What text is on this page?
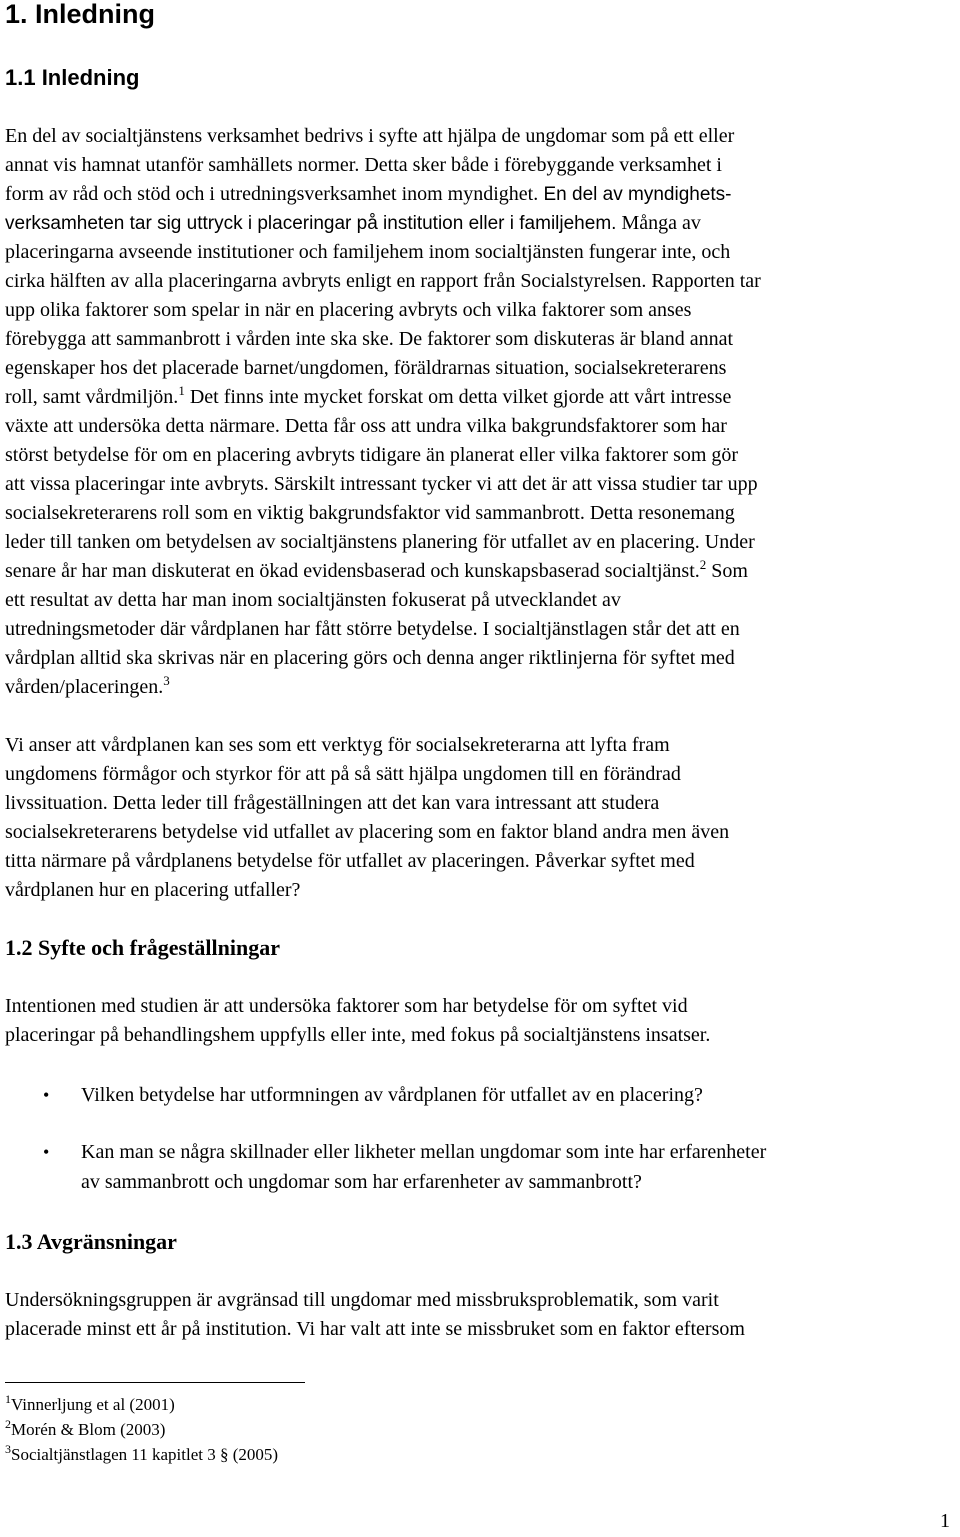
1. Inledning
1.1 Inledning
En del av socialtjänstens verksamhet bedrivs i syfte att hjälpa de ungdomar som på ett eller
annat vis hamnat utanför samhällets normer. Detta sker både i förebyggande verksamhet i
form av råd och stöd och i utredningsverksamhet inom myndighet. En del av myndighets-
verksamheten tar sig uttryck i placeringar på institution eller i familjehem. Många av
placeringarna avseende institutioner och familjehem inom socialtjänsten fungerar inte, och
cirka hälften av alla placeringarna avbryts enligt en rapport från Socialstyrelsen. Rapporten tar
upp olika faktorer som spelar in när en placering avbryts och vilka faktorer som anses
förebygga att sammanbrott i vården inte ska ske. De faktorer som diskuteras är bland annat
egenskaper hos det placerade barnet/ungdomen, föräldrarnas situation, socialsekreterarens
roll, samt vårdmiljön.$^1$ Det finns inte mycket forskat om detta vilket gjorde att vårt intresse
växte att undersöka detta närmare. Detta får oss att undra vilka bakgrundsfaktorer som har
störst betydelse för om en placering avbryts tidigare än planerat eller vilka faktorer som gör
att vissa placeringar inte avbryts. Särskilt intressant tycker vi att det är att vissa studier tar upp
socialsekreterarens roll som en viktig bakgrundsfaktor vid sammanbrott. Detta resonemang
leder till tanken om betydelsen av socialtjänstens planering för utfallet av en placering. Under
senare år har man diskuterat en ökad evidensbaserad och kunskapsbaserad socialtjänst.$^2$ Som
ett resultat av detta har man inom socialtjänsten fokuserat på utvecklandet av
utredningsmetoder där vårdplanen har fått större betydelse. I socialtjänstlagen står det att en
vårdplan alltid ska skrivas när en placering görs och denna anger riktlinjerna för syftet med
vården/placeringen.$^3$
Vi anser att vårdplanen kan ses som ett verktyg för socialsekreterarna att lyfta fram
ungdomens förmågor och styrkor för att på så sätt hjälpa ungdomen till en förändrad
livssituation. Detta leder till frågeställningen att det kan vara intressant att studera
socialsekreterarens betydelse vid utfallet av placering som en faktor bland andra men även
titta närmare på vårdplanens betydelse för utfallet av placeringen. Påverkar syftet med
vårdplanen hur en placering utfaller?
1.2 Syfte och frågeställningar
Intentionen med studien är att undersöka faktorer som har betydelse för om syftet vid
placeringar på behandlingshem uppfylls eller inte, med fokus på socialtjänstens insatser.
• Vilken betydelse har utformningen av vårdplanen för utfallet av en placering?
• Kan man se några skillnader eller likheter mellan ungdomar som inte har erfarenheter
av sammanbrott och ungdomar som har erfarenheter av sammanbrott?
1.3 Avgränsningar
Undersökningsgruppen är avgränsad till ungdomar med missbruksproblematik, som varit
placerade minst ett år på institution. Vi har valt att inte se missbruket som en faktor eftersom
$^1$Vinnerljung et al (2001)
$^2$Morén & Blom (2003)
$^3$Socialtjänstlagen 11 kapitlet 3 § (2005)
1
